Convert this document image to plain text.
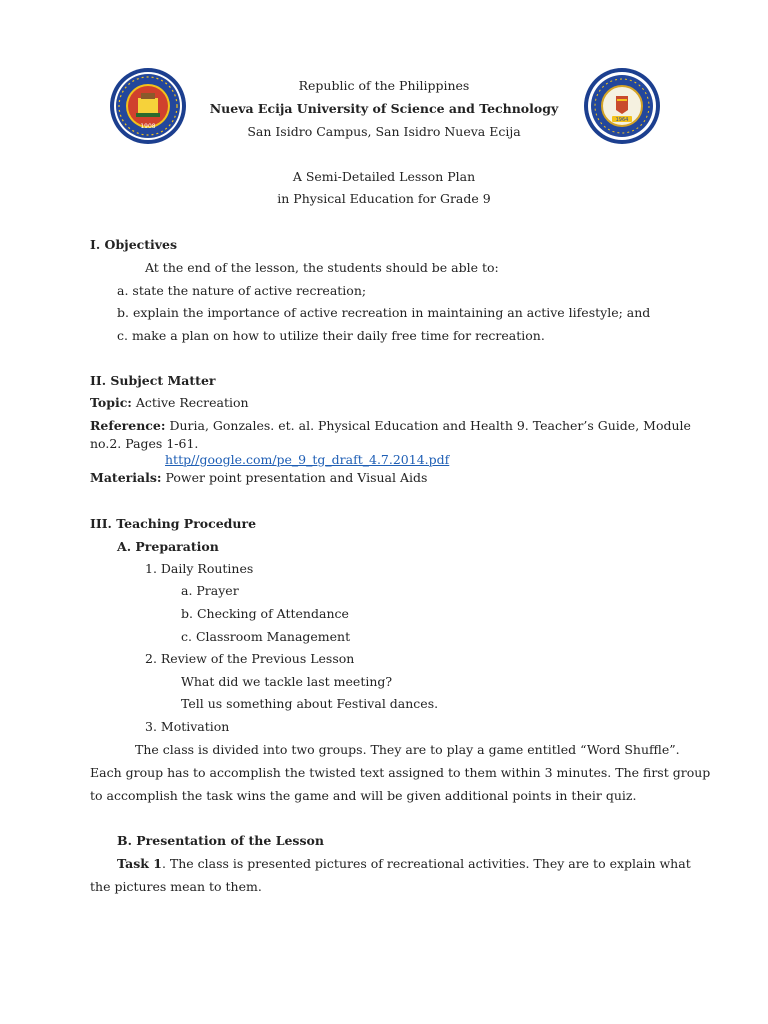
1908
1964
Republic of the Philippines
Nueva Ecija University of Science and Technology
San Isidro Campus, San Isidro Nueva Ecija
A Semi-Detailed Lesson Plan
in Physical Education for Grade 9
I. Objectives
At the end of the lesson, the students should be able to:
a. state the nature of active recreation;
b. explain the importance of active recreation in maintaining an active lifestyle; and
c. make a plan on how to utilize their daily free time for recreation.
II. Subject Matter
Topic: Active Recreation
Reference: Duria, Gonzales. et. al. Physical Education and Health 9. Teacher’s Guide, Module
no.2. Pages 1-61.
http//google.com/pe_9_tg_draft_4.7.2014.pdf
Materials: Power point presentation and Visual Aids
III. Teaching Procedure
A. Preparation
1. Daily Routines
a. Prayer
b. Checking of Attendance
c. Classroom Management
2. Review of the Previous Lesson
What did we tackle last meeting?
Tell us something about Festival dances.
3. Motivation
The class is divided into two groups. They are to play a game entitled “Word Shuffle”.
Each group has to accomplish the twisted text assigned to them within 3 minutes. The first group
to accomplish the task wins the game and will be given additional points in their quiz.
B. Presentation of the Lesson
Task 1. The class is presented pictures of recreational activities. They are to explain what
the pictures mean to them.
